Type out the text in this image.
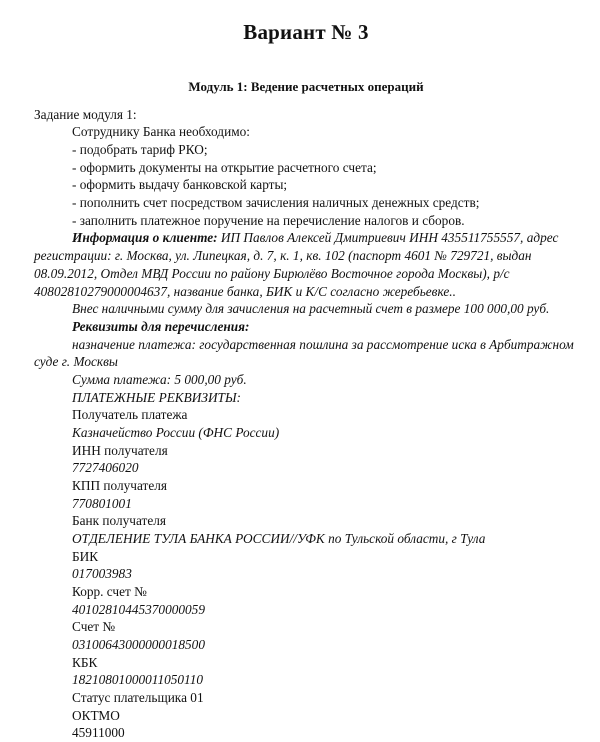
Вариант № 3
Модуль 1: Ведение расчетных операций

Задание модуля 1:

Сотруднику Банка необходимо:

- подобрать тариф РКО;

- оформить документы на открытие расчетного счета;

- оформить выдачу банковской карты;

- пополнить счет посредством зачисления наличных денежных средств;

- заполнить платежное поручение на перечисление налогов и сборов.

Информация о клиенте: ИП Павлов Алексей Дмитриевич ИНН 435511755557, адрес регистрации: г. Москва, ул. Липецкая, д. 7, к. 1, кв. 102 (паспорт 4601 № 729721, выдан 08.09.2012, Отдел МВД России по району Бирюлёво Восточное города Москвы), р/с 40802810279000004637, название банка, БИК и К/С согласно жеребьевке..

Внес наличными сумму для зачисления на расчетный счет в размере 100 000,00 руб.

Реквизиты для перечисления:

назначение платежа: государственная пошлина за рассмотрение иска в Арбитражном суде г. Москвы

Сумма платежа: 5 000,00 руб.

ПЛАТЕЖНЫЕ РЕКВИЗИТЫ:

Получатель платежа

Казначейство России (ФНС России)

ИНН получателя

7727406020

КПП получателя

770801001

Банк получателя

ОТДЕЛЕНИЕ ТУЛА БАНКА РОССИИ//УФК по Тульской области, г Тула

БИК

017003983

Корр. счет №

40102810445370000059

Счет №

03100643000000018500

КБК

18210801000011050110

Статус плательщика 01

ОКТМО

45911000
